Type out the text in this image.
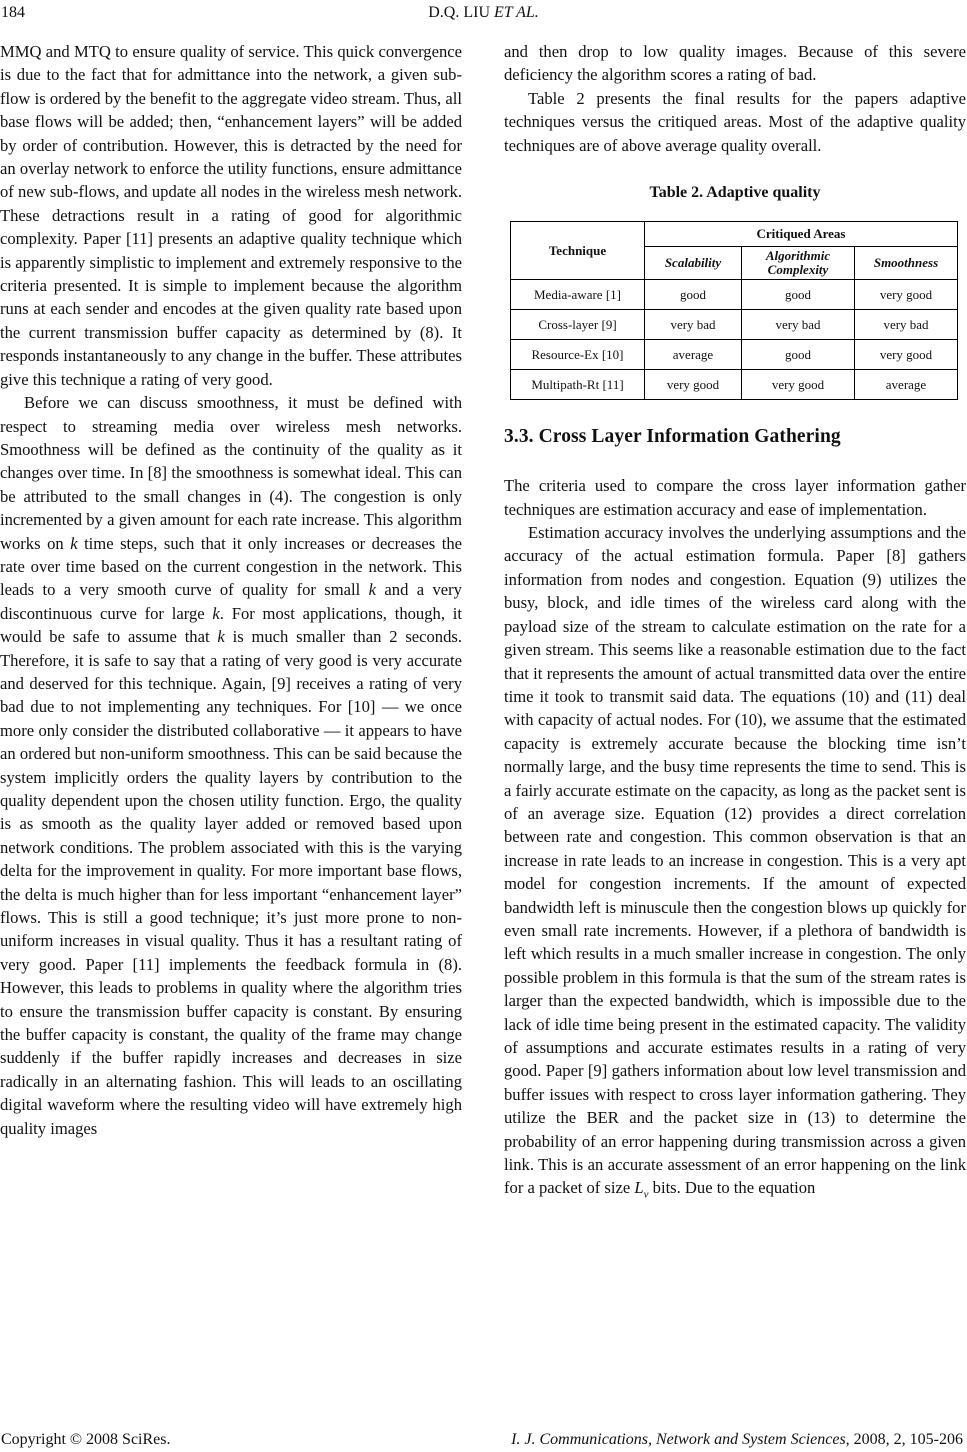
184	D.Q. LIU ET AL.

MMQ and MTQ to ensure quality of service. This quick convergence is due to the fact that for admittance into the network, a given sub-flow is ordered by the benefit to the aggregate video stream. Thus, all base flows will be added; then, “enhancement layers” will be added by order of contribution. However, this is detracted by the need for an overlay network to enforce the utility functions, ensure admittance of new sub-flows, and update all nodes in the wireless mesh network. These detractions result in a rating of good for algorithmic complexity. Paper [11] presents an adaptive quality technique which is apparently simplistic to implement and extremely responsive to the criteria presented. It is simple to implement because the algorithm runs at each sender and encodes at the given quality rate based upon the current transmission buffer capacity as determined by (8). It responds instantaneously to any change in the buffer. These attributes give this technique a rating of very good.

Before we can discuss smoothness, it must be defined with respect to streaming media over wireless mesh networks. Smoothness will be defined as the continuity of the quality as it changes over time. In [8] the smoothness is somewhat ideal. This can be attributed to the small changes in (4). The congestion is only incremented by a given amount for each rate increase. This algorithm works on k time steps, such that it only increases or decreases the rate over time based on the current congestion in the network. This leads to a very smooth curve of quality for small k and a very discontinuous curve for large k. For most applications, though, it would be safe to assume that k is much smaller than 2 seconds. Therefore, it is safe to say that a rating of very good is very accurate and deserved for this technique. Again, [9] receives a rating of very bad due to not implementing any techniques. For [10] — we once more only consider the distributed collaborative — it appears to have an ordered but non-uniform smoothness. This can be said because the system implicitly orders the quality layers by contribution to the quality dependent upon the chosen utility function. Ergo, the quality is as smooth as the quality layer added or removed based upon network conditions. The problem associated with this is the varying delta for the improvement in quality. For more important base flows, the delta is much higher than for less important “enhancement layer” flows. This is still a good technique; it’s just more prone to non-uniform increases in visual quality. Thus it has a resultant rating of very good. Paper [11] implements the feedback formula in (8). However, this leads to problems in quality where the algorithm tries to ensure the transmission buffer capacity is constant. By ensuring the buffer capacity is constant, the quality of the frame may change suddenly if the buffer rapidly increases and decreases in size radically in an alternating fashion. This will leads to an oscillating digital waveform where the resulting video will have extremely high quality images

and then drop to low quality images. Because of this severe deficiency the algorithm scores a rating of bad.

Table 2 presents the final results for the papers adaptive techniques versus the critiqued areas. Most of the adaptive quality techniques are of above average quality overall.

Table 2. Adaptive quality
Technique	Critiqued Areas		
	Scalability	Algorithmic Complexity	Smoothness
Media-aware [1]	good	good	very good
Cross-layer [9]	very bad	very bad	very bad
Resource-Ex [10]	average	good	very good
Multipath-Rt [11]	very good	very good	average
3.3. Cross Layer Information Gathering

The criteria used to compare the cross layer information gather techniques are estimation accuracy and ease of implementation.

Estimation accuracy involves the underlying assumptions and the accuracy of the actual estimation formula. Paper [8] gathers information from nodes and congestion. Equation (9) utilizes the busy, block, and idle times of the wireless card along with the payload size of the stream to calculate estimation on the rate for a given stream. This seems like a reasonable estimation due to the fact that it represents the amount of actual transmitted data over the entire time it took to transmit said data. The equations (10) and (11) deal with capacity of actual nodes. For (10), we assume that the estimated capacity is extremely accurate because the blocking time isn’t normally large, and the busy time represents the time to send. This is a fairly accurate estimate on the capacity, as long as the packet sent is of an average size. Equation (12) provides a direct correlation between rate and congestion. This common observation is that an increase in rate leads to an increase in congestion. This is a very apt model for congestion increments. If the amount of expected bandwidth left is minuscule then the congestion blows up quickly for even small rate increments. However, if a plethora of bandwidth is left which results in a much smaller increase in congestion. The only possible problem in this formula is that the sum of the stream rates is larger than the expected bandwidth, which is impossible due to the lack of idle time being present in the estimated capacity. The validity of assumptions and accurate estimates results in a rating of very good. Paper [9] gathers information about low level transmission and buffer issues with respect to cross layer information gathering. They utilize the BER and the packet size in (13) to determine the probability of an error happening during transmission across a given link. This is an accurate assessment of an error happening on the link for a packet of size $L_v$ bits. Due to the equation

Copyright © 2008 SciRes.	I. J. Communications, Network and System Sciences, 2008, 2, 105-206
